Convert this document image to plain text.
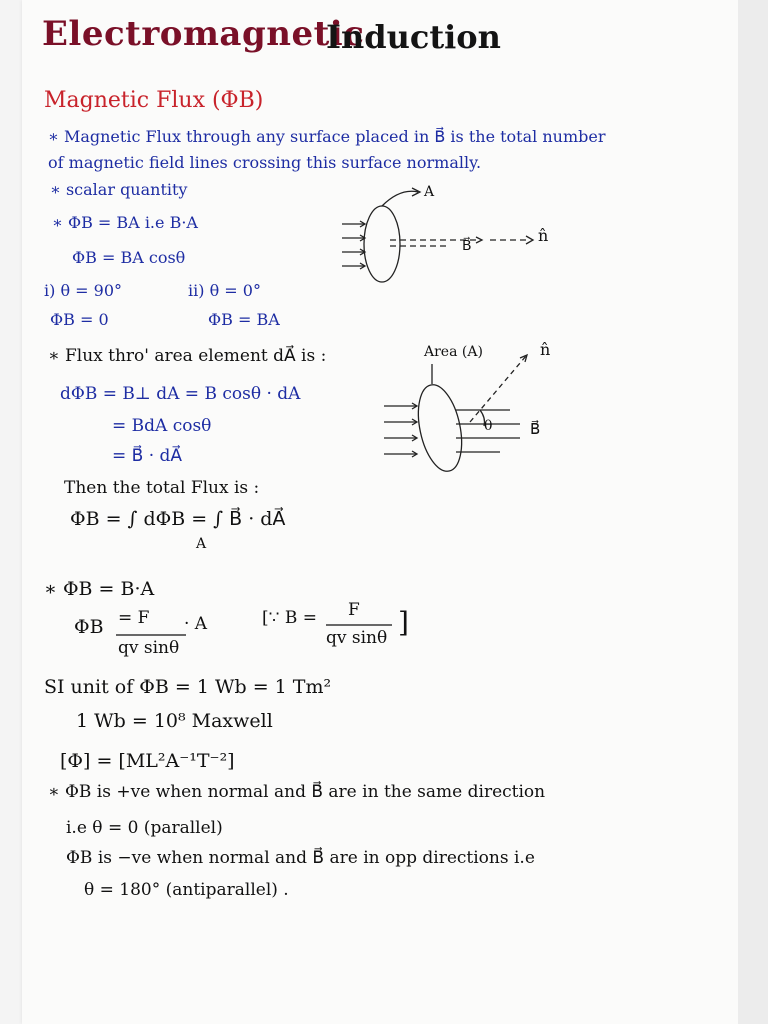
Electromagnetic
Induction
Magnetic Flux (ΦB)
∗ Magnetic Flux through any surface placed in B⃗ is the total number
of magnetic field lines crossing this surface normally.
∗ scalar quantity
∗ ΦB = BA i.e B·A
ΦB = BA cosθ
i) θ = 90°	ii) θ = 0°
ΦB = 0	ΦB = BA
A
B⃗
n̂
∗ Flux thro' area element dA⃗ is :
dΦB = B⊥ dA = B cosθ · dA
= BdA cosθ
= B⃗ · dA⃗
Area (A)	n̂
B⃗
θ
Then the total Flux is :
ΦB = ∫ dΦB = ∫ B⃗ · dA⃗
A
∗ ΦB = B·A
ΦB = F · A
qv sinθ
[∵ B = F
qv sinθ ]
SI unit of ΦB = 1 Wb = 1 Tm²
1 Wb = 10⁸ Maxwell
[Φ] = [ML²A⁻¹T⁻²]
∗ ΦB is +ve when normal and B⃗ are in the same direction
i.e θ = 0 (parallel)
ΦB is −ve when normal and B⃗ are in opp directions i.e
θ = 180° (antiparallel) .
